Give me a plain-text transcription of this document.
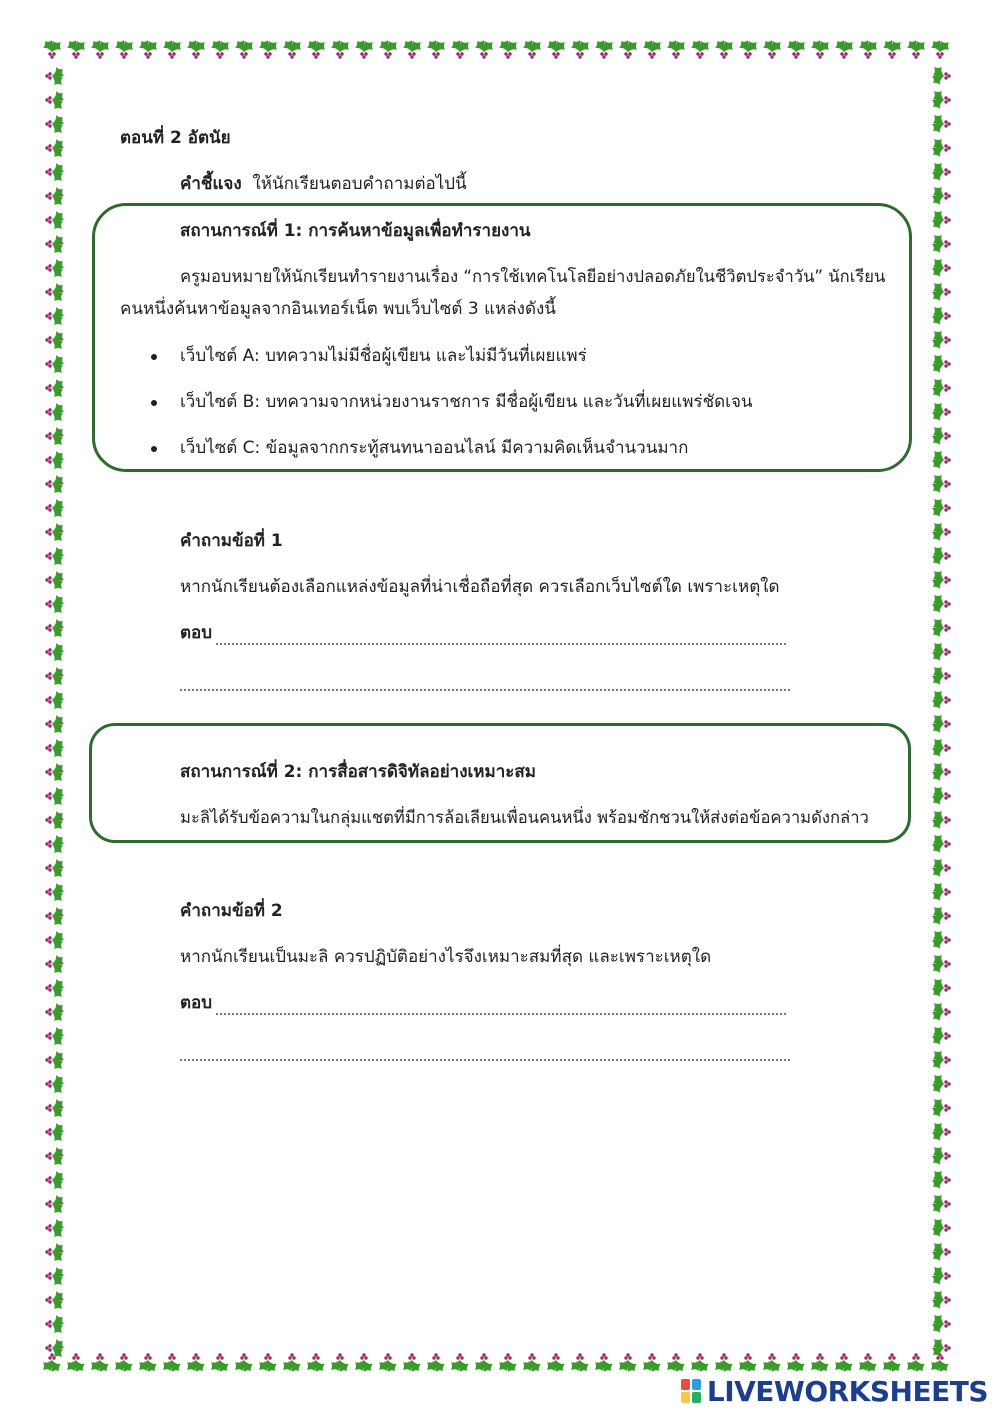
ตอนที่ 2 อัตนัย
คำชี้แจง ให้นักเรียนตอบคำถามต่อไปนี้
สถานการณ์ที่ 1: การค้นหาข้อมูลเพื่อทำรายงาน
ครูมอบหมายให้นักเรียนทำรายงานเรื่อง “การใช้เทคโนโลยีอย่างปลอดภัยในชีวิตประจำวัน” นักเรียน
คนหนึ่งค้นหาข้อมูลจากอินเทอร์เน็ต พบเว็บไซต์ 3 แหล่งดังนี้
เว็บไซต์ A: บทความไม่มีชื่อผู้เขียน และไม่มีวันที่เผยแพร่
เว็บไซต์ B: บทความจากหน่วยงานราชการ มีชื่อผู้เขียน และวันที่เผยแพร่ชัดเจน
เว็บไซต์ C: ข้อมูลจากกระทู้สนทนาออนไลน์ มีความคิดเห็นจำนวนมาก
คำถามข้อที่ 1
หากนักเรียนต้องเลือกแหล่งข้อมูลที่น่าเชื่อถือที่สุด ควรเลือกเว็บไซต์ใด เพราะเหตุใด
ตอบ
สถานการณ์ที่ 2: การสื่อสารดิจิทัลอย่างเหมาะสม
มะลิได้รับข้อความในกลุ่มแชตที่มีการล้อเลียนเพื่อนคนหนึ่ง พร้อมชักชวนให้ส่งต่อข้อความดังกล่าว
คำถามข้อที่ 2
หากนักเรียนเป็นมะลิ ควรปฏิบัติอย่างไรจึงเหมาะสมที่สุด และเพราะเหตุใด
ตอบ
LIVEWORKSHEETS
